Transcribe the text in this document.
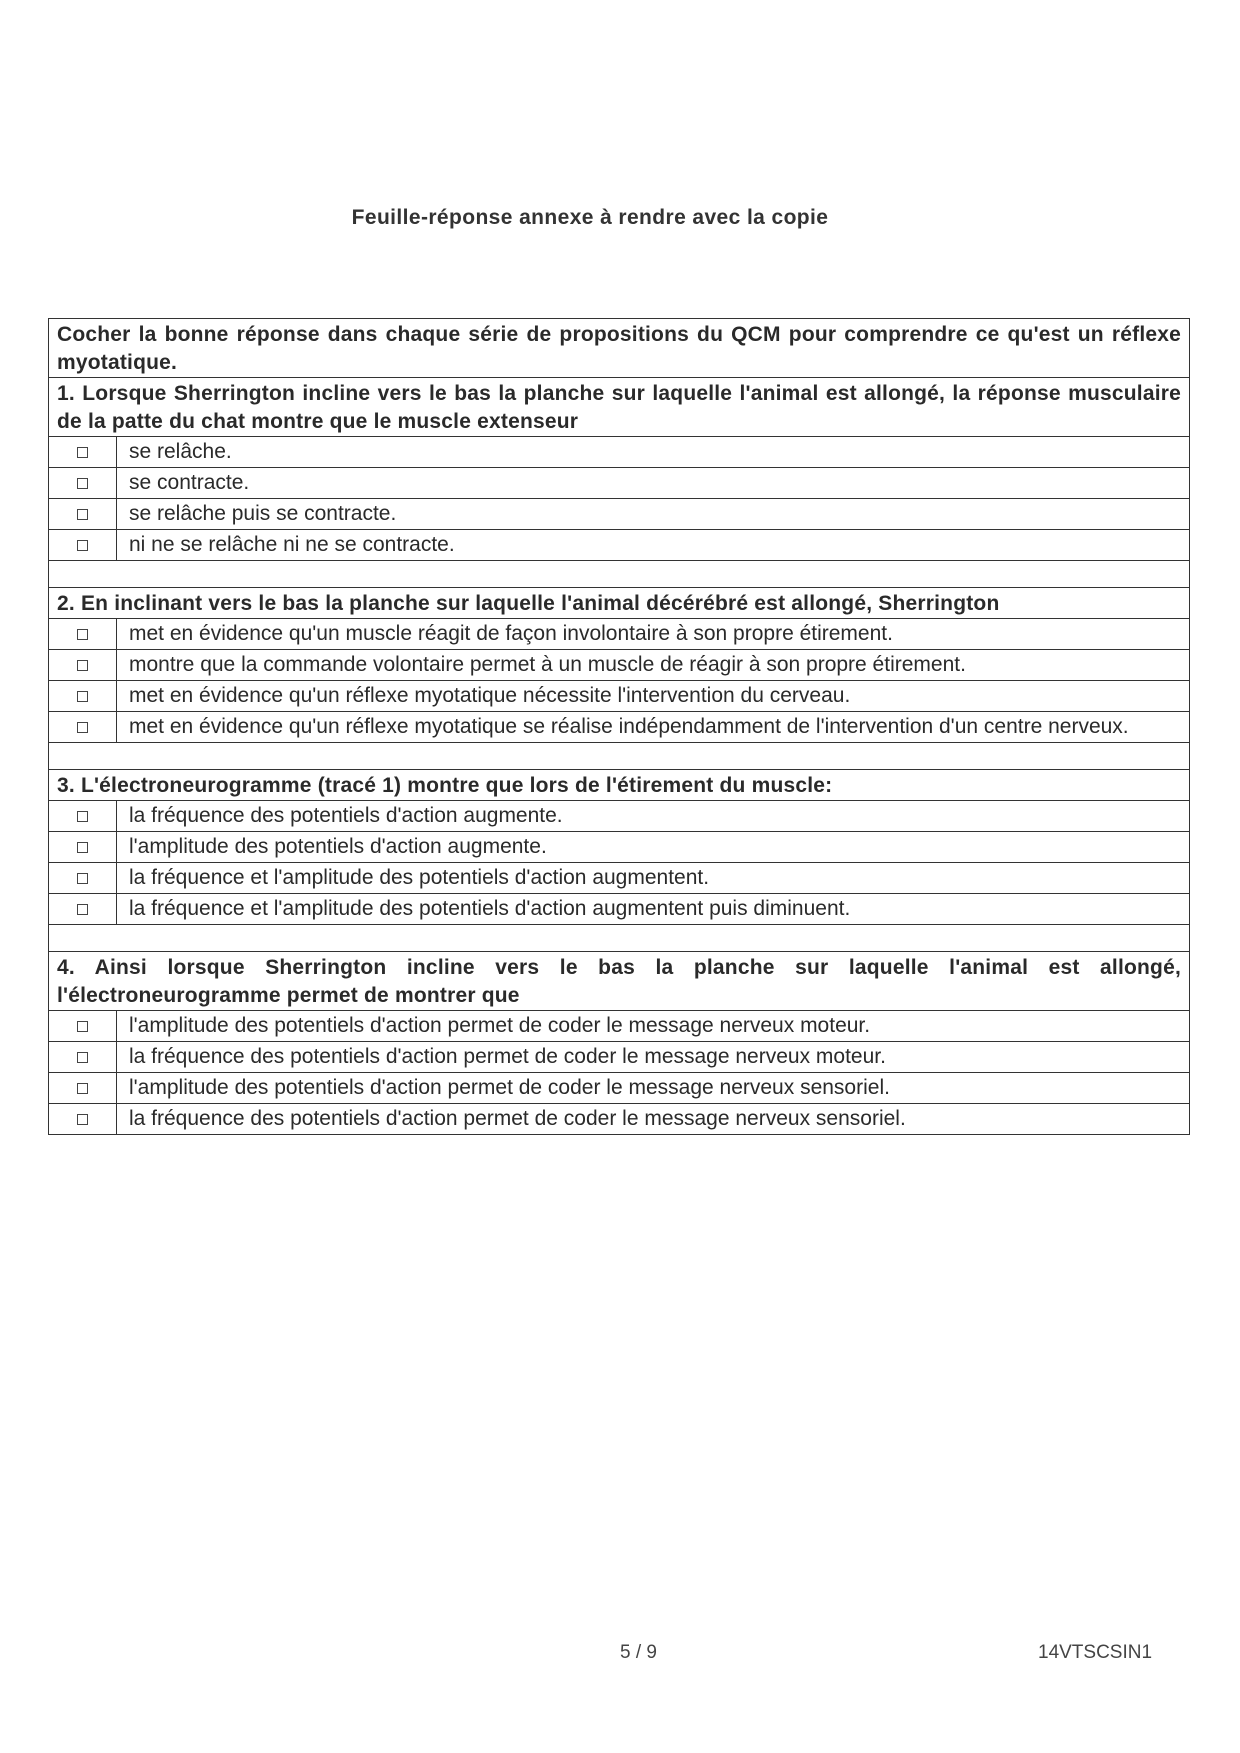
Feuille-réponse annexe à rendre avec la copie
Cocher la bonne réponse dans chaque série de propositions du QCM pour comprendre ce qu'est un réflexe myotatique.	
1. Lorsque Sherrington incline vers le bas la planche sur laquelle l'animal est allongé, la réponse musculaire de la patte du chat montre que le muscle extenseur	
	se relâche.
	se contracte.
	se relâche puis se contracte.
	ni ne se relâche ni ne se contracte.

2. En inclinant vers le bas la planche sur laquelle l'animal décérébré est allongé, Sherrington	
	met en évidence qu'un muscle réagit de façon involontaire à son propre étirement.
	montre que la commande volontaire permet à un muscle de réagir à son propre étirement.
	met en évidence qu'un réflexe myotatique nécessite l'intervention du cerveau.
	met en évidence qu'un réflexe myotatique se réalise indépendamment de l'intervention d'un centre nerveux.

3. L'électroneurogramme (tracé 1) montre que lors de l'étirement du muscle:	
	la fréquence des potentiels d'action augmente.
	l'amplitude des potentiels d'action augmente.
	la fréquence et l'amplitude des potentiels d'action augmentent.
	la fréquence et l'amplitude des potentiels d'action augmentent puis diminuent.

4. Ainsi lorsque Sherrington incline vers le bas la planche sur laquelle l'animal est allongé, l'électroneurogramme permet de montrer que	
	l'amplitude des potentiels d'action permet de coder le message nerveux moteur.
	la fréquence des potentiels d'action permet de coder le message nerveux moteur.
	l'amplitude des potentiels d'action permet de coder le message nerveux sensoriel.
	la fréquence des potentiels d'action permet de coder le message nerveux sensoriel.
5 / 9	14VTSCSIN1
